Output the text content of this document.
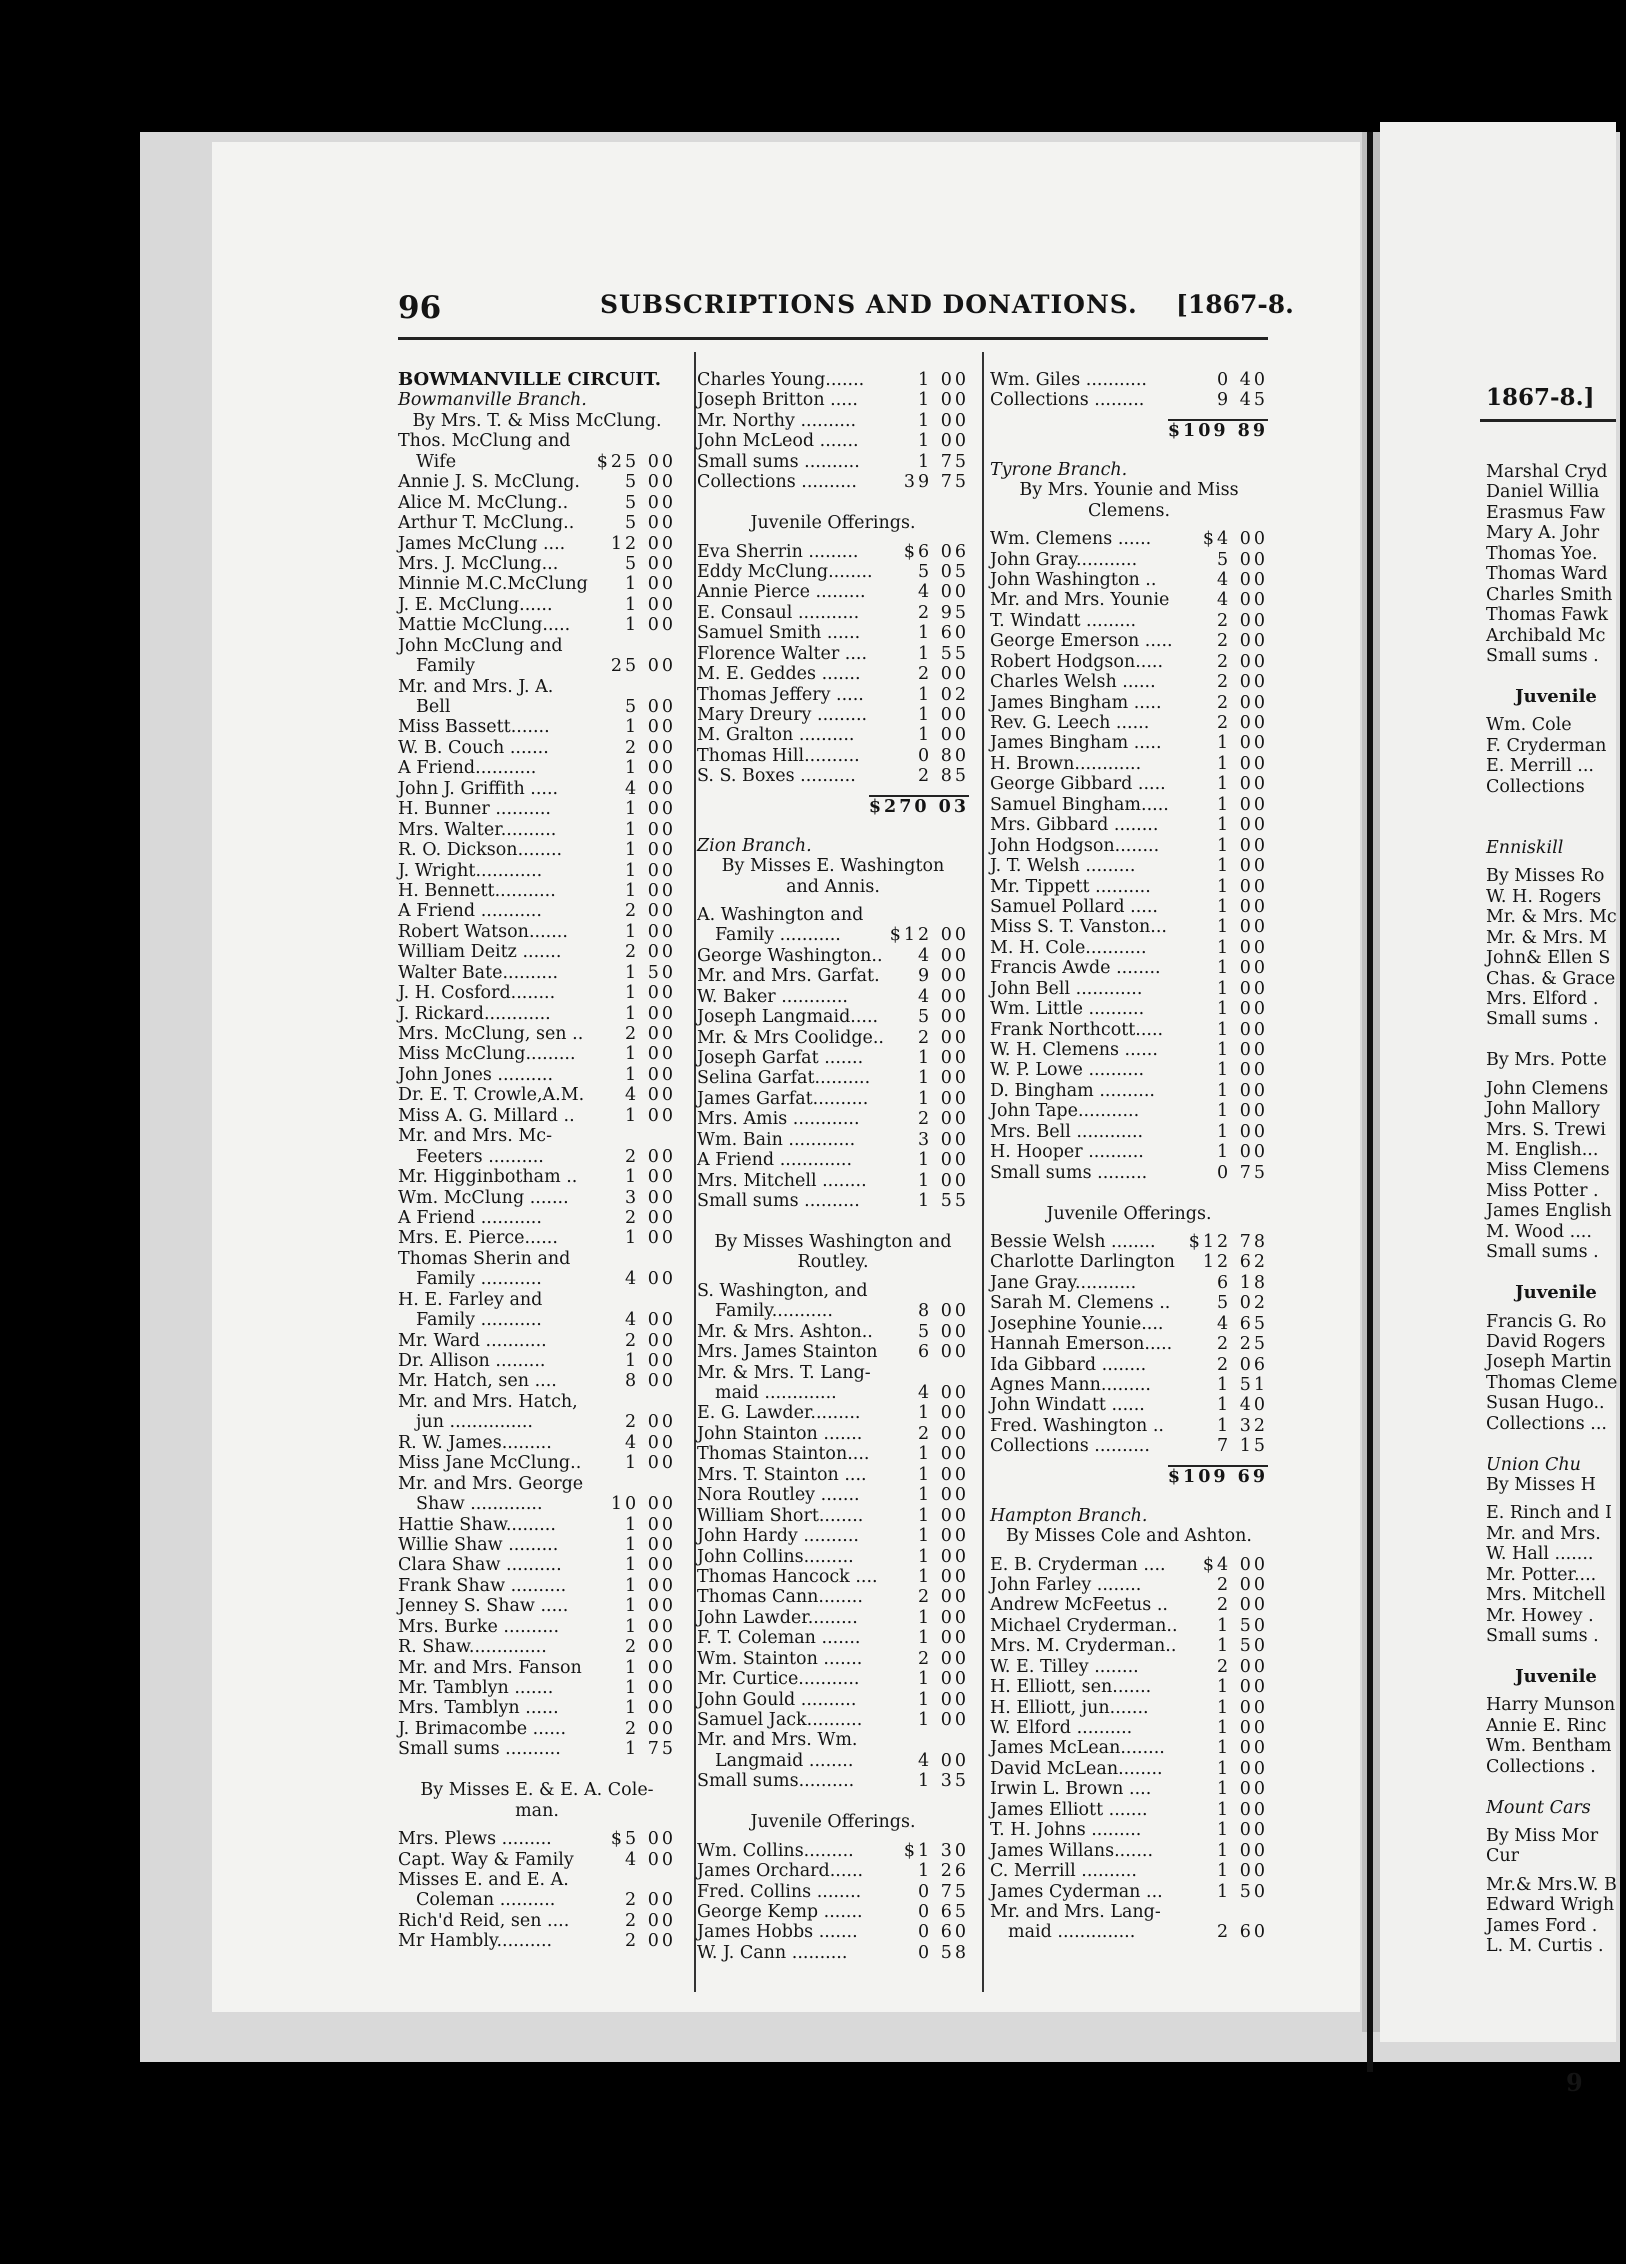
1867-8.]
Marshal Cryd
Daniel Willia
Erasmus Faw
Mary A. Johr
Thomas Yoe.
Thomas Ward
Charles Smith
Thomas Fawk
Archibald Mc
Small sums .
Juvenile
Wm. Cole
F. Cryderman
E. Merrill ...
Collections
Enniskill
By Misses Ro
W. H. Rogers
Mr. & Mrs. Mc
Mr. & Mrs. M
John& Ellen S
Chas. & Grace
Mrs. Elford .
Small sums .
By Mrs. Potte
John Clemens
John Mallory
Mrs. S. Trewi
M. English...
Miss Clemens
Miss Potter .
James English
M. Wood ....
Small sums .
Juvenile
Francis G. Ro
David Rogers
Joseph Martin
Thomas Cleme
Susan Hugo..
Collections ...
Union Chu
By Misses H
E. Rinch and I
Mr. and Mrs.
W. Hall .......
Mr. Potter....
Mrs. Mitchell
Mr. Howey .
Small sums .
Juvenile
Harry Munson
Annie E. Rinc
Wm. Bentham
Collections .
Mount Cars
By Miss Mor
Cur
Mr.& Mrs.W. B
Edward Wrigh
James Ford .
L. M. Curtis .
9
96	SUBSCRIPTIONS AND DONATIONS. [1867-8.
BOWMANVILLE CIRCUIT.
Bowmanville Branch.
By Mrs. T. & Miss McClung.
Thos. McClung and
Wife	$25 00
Annie J. S. McClung.	5 00
Alice M. McClung..	5 00
Arthur T. McClung..	5 00
James McClung ....	12 00
Mrs. J. McClung...	5 00
Minnie M.C.McClung 1 00
J. E. McClung......	1 00
Mattie McClung.....	1 00
John McClung and
Family	25 00
Mr. and Mrs. J. A.
Bell	5 00
Miss Bassett.......	1 00
W. B. Couch .......	2 00
A Friend...........	1 00
John J. Griffith .....	4 00
H. Bunner ..........	1 00
Mrs. Walter..........	1 00
R. O. Dickson........	1 00
J. Wright............	1 00
H. Bennett...........	1 00
A Friend ...........	2 00
Robert Watson.......	1 00
William Deitz .......	2 00
Walter Bate..........	1 50
J. H. Cosford........	1 00
J. Rickard............	1 00
Mrs. McClung, sen .. 2 00
Miss McClung.........	1 00
John Jones ..........	1 00
Dr. E. T. Crowle,A.M. 4 00
Miss A. G. Millard ..	1 00
Mr. and Mrs. Mc-
Feeters ..........	2 00
Mr. Higginbotham ..	1 00
Wm. McClung .......	3 00
A Friend ...........	2 00
Mrs. E. Pierce......	1 00
Thomas Sherin and
Family ...........	4 00
H. E. Farley and
Family ...........	4 00
Mr. Ward ...........	2 00
Dr. Allison .........	1 00
Mr. Hatch, sen ....	8 00
Mr. and Mrs. Hatch,
jun ...............	2 00
R. W. James.........	4 00
Miss Jane McClung..	1 00
Mr. and Mrs. George
Shaw .............	10 00
Hattie Shaw.........	1 00
Willie Shaw .........	1 00
Clara Shaw ..........	1 00
Frank Shaw ..........	1 00
Jenney S. Shaw .....	1 00
Mrs. Burke ..........	1 00
R. Shaw..............	2 00
Mr. and Mrs. Fanson 1 00
Mr. Tamblyn .......	1 00
Mrs. Tamblyn ......	1 00
J. Brimacombe ......	2 00
Small sums ..........	1 75
By Misses E. & E. A. Cole-
man.
Mrs. Plews .........	$5 00
Capt. Way & Family	4 00
Misses E. and E. A.
Coleman ..........	2 00
Rich'd Reid, sen ....	2 00
Mr Hambly..........	2 00
Charles Young.......	1 00
Joseph Britton .....	1 00
Mr. Northy ..........	1 00
John McLeod .......	1 00
Small sums ..........	1 75
Collections ..........	39 75
Juvenile Offerings.
Eva Sherrin .........	$6 06
Eddy McClung........	5 05
Annie Pierce .........	4 00
E. Consaul ...........	2 95
Samuel Smith ......	1 60
Florence Walter ....	1 55
M. E. Geddes .......	2 00
Thomas Jeffery .....	1 02
Mary Dreury .........	1 00
M. Gralton ..........	1 00
Thomas Hill..........	0 80
S. S. Boxes ..........	2 85
$270 03
Zion Branch.
By Misses E. Washington
and Annis.
A. Washington and
Family ...........	$12 00
George Washington.. 4 00
Mr. and Mrs. Garfat. 9 00
W. Baker ............	4 00
Joseph Langmaid..... 5 00
Mr. & Mrs Coolidge.. 2 00
Joseph Garfat .......	1 00
Selina Garfat..........	1 00
James Garfat..........	1 00
Mrs. Amis ............	2 00
Wm. Bain ............	3 00
A Friend .............	1 00
Mrs. Mitchell ........	1 00
Small sums ..........	1 55
By Misses Washington and
Routley.
S. Washington, and
Family...........	8 00
Mr. & Mrs. Ashton..	5 00
Mrs. James Stainton 6 00
Mr. & Mrs. T. Lang-
maid .............	4 00
E. G. Lawder.........	1 00
John Stainton .......	2 00
Thomas Stainton....	1 00
Mrs. T. Stainton ....	1 00
Nora Routley .......	1 00
William Short........	1 00
John Hardy ..........	1 00
John Collins.........	1 00
Thomas Hancock .... 1 00
Thomas Cann........	2 00
John Lawder.........	1 00
F. T. Coleman .......	1 00
Wm. Stainton .......	2 00
Mr. Curtice...........	1 00
John Gould ..........	1 00
Samuel Jack..........	1 00
Mr. and Mrs. Wm.
Langmaid ........	4 00
Small sums..........	1 35
Juvenile Offerings.
Wm. Collins.........	$1 30
James Orchard......	1 26
Fred. Collins ........	0 75
George Kemp .......	0 65
James Hobbs .......	0 60
W. J. Cann ..........	0 58
Wm. Giles ...........	0 40
Collections .........	9 45
$109 89
Tyrone Branch.
By Mrs. Younie and Miss
Clemens.
Wm. Clemens ......	$4 00
John Gray...........	5 00
John Washington ..	4 00
Mr. and Mrs. Younie	4 00
T. Windatt .........	2 00
George Emerson .....	2 00
Robert Hodgson.....	2 00
Charles Welsh ......	2 00
James Bingham .....	2 00
Rev. G. Leech ......	2 00
James Bingham .....	1 00
H. Brown............	1 00
George Gibbard .....	1 00
Samuel Bingham.....	1 00
Mrs. Gibbard ........	1 00
John Hodgson........	1 00
J. T. Welsh .........	1 00
Mr. Tippett ..........	1 00
Samuel Pollard .....	1 00
Miss S. T. Vanston...	1 00
M. H. Cole...........	1 00
Francis Awde ........	1 00
John Bell ............	1 00
Wm. Little ..........	1 00
Frank Northcott.....	1 00
W. H. Clemens ......	1 00
W. P. Lowe ..........	1 00
D. Bingham ..........	1 00
John Tape...........	1 00
Mrs. Bell ............	1 00
H. Hooper ..........	1 00
Small sums .........	0 75
Juvenile Offerings.
Bessie Welsh ........ $12 78
Charlotte Darlington 12 62
Jane Gray...........	6 18
Sarah M. Clemens ..	5 02
Josephine Younie....	4 65
Hannah Emerson.....	2 25
Ida Gibbard ........	2 06
Agnes Mann.........	1 51
John Windatt ......	1 40
Fred. Washington ..	1 32
Collections ..........	7 15
$109 69
Hampton Branch.
By Misses Cole and Ashton.
E. B. Cryderman .... $4 00
John Farley ........	2 00
Andrew McFeetus ..	2 00
Michael Cryderman.. 1 50
Mrs. M. Cryderman.. 1 50
W. E. Tilley ........	2 00
H. Elliott, sen.......	1 00
H. Elliott, jun.......	1 00
W. Elford ..........	1 00
James McLean........	1 00
David McLean........	1 00
Irwin L. Brown ....	1 00
James Elliott .......	1 00
T. H. Johns .........	1 00
James Willans.......	1 00
C. Merrill ..........	1 00
James Cyderman ...	1 50
Mr. and Mrs. Lang-
maid ..............	2 60
